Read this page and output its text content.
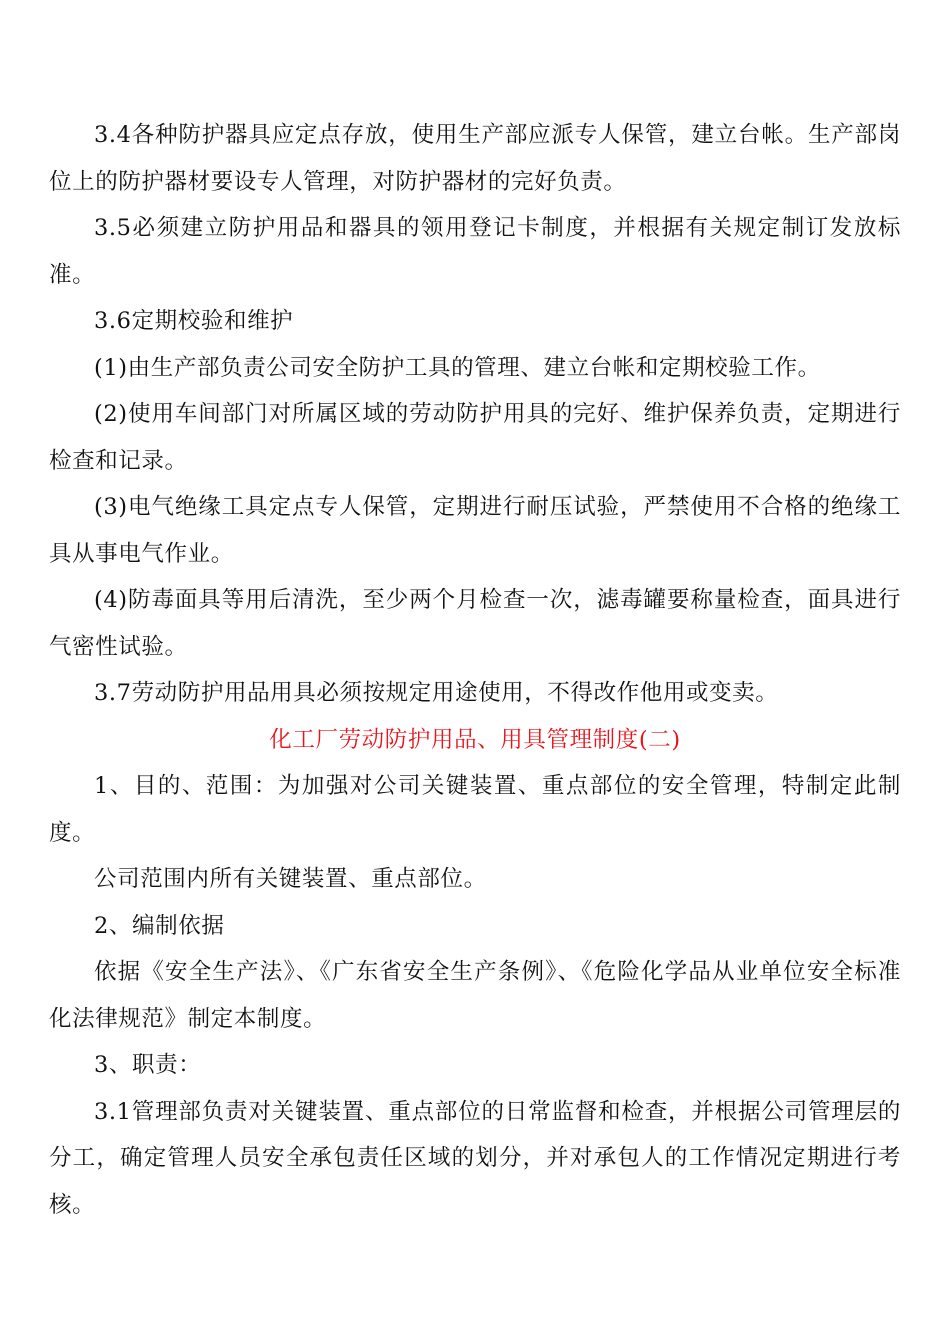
3.4各种防护器具应定点存放，使用生产部应派专人保管，建立台帐。生产部岗位上的防护器材要设专人管理，对防护器材的完好负责。

3.5必须建立防护用品和器具的领用登记卡制度，并根据有关规定制订发放标准。

3.6定期校验和维护

(1)由生产部负责公司安全防护工具的管理、建立台帐和定期校验工作。

(2)使用车间部门对所属区域的劳动防护用具的完好、维护保养负责，定期进行检查和记录。

(3)电气绝缘工具定点专人保管，定期进行耐压试验，严禁使用不合格的绝缘工具从事电气作业。

(4)防毒面具等用后清洗，至少两个月检查一次，滤毒罐要称量检查，面具进行气密性试验。

3.7劳动防护用品用具必须按规定用途使用，不得改作他用或变卖。

化工厂劳动防护用品、用具管理制度(二)

1、目的、范围：为加强对公司关键装置、重点部位的安全管理，特制定此制度。

公司范围内所有关键装置、重点部位。

2、编制依据

依据《安全生产法》、《广东省安全生产条例》、《危险化学品从业单位安全标准化法律规范》制定本制度。

3、职责：

3.1管理部负责对关键装置、重点部位的日常监督和检查，并根据公司管理层的分工，确定管理人员安全承包责任区域的划分，并对承包人的工作情况定期进行考核。
